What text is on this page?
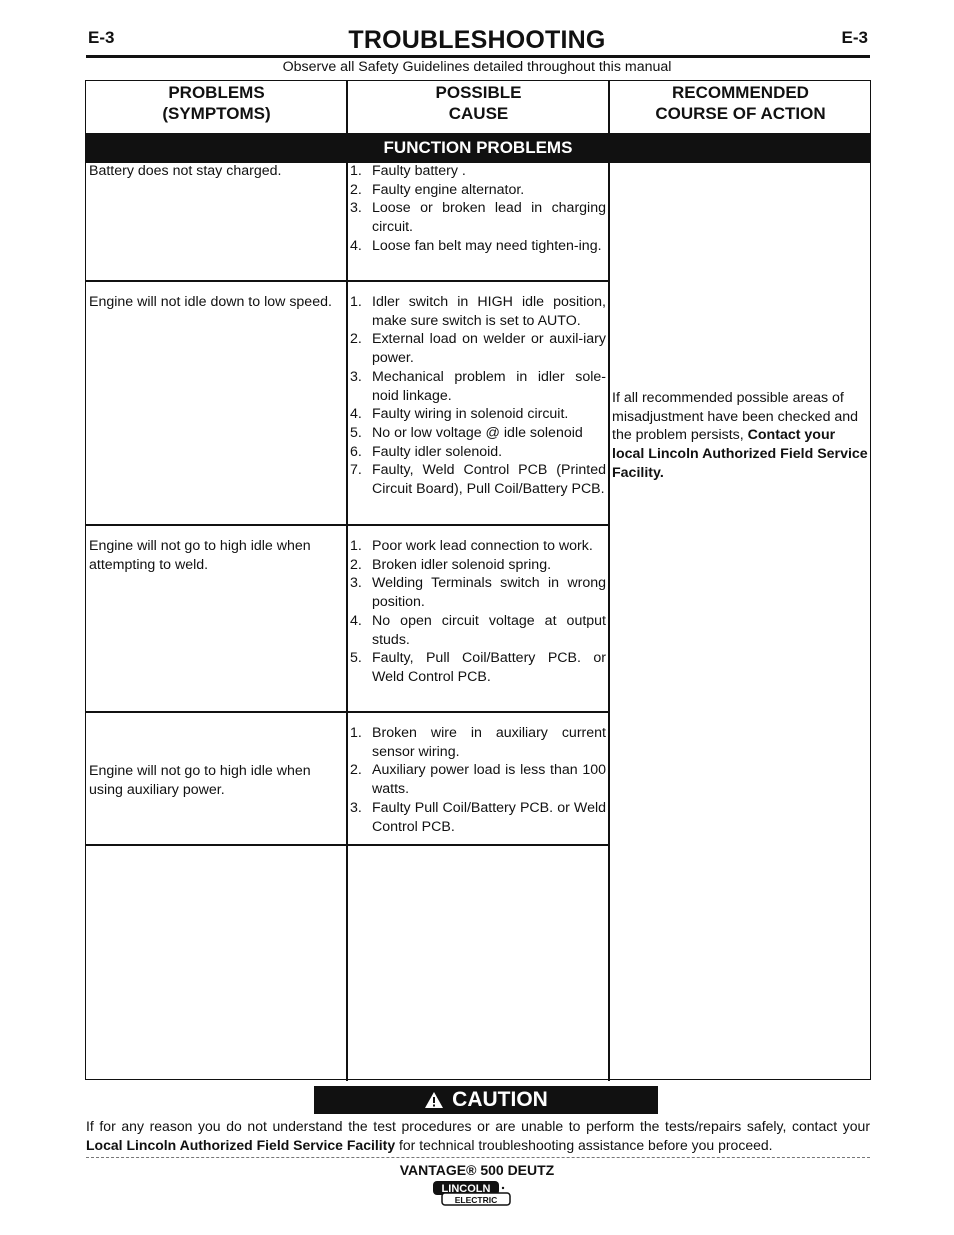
E-3	E-3
TROUBLESHOOTING
Observe all Safety Guidelines detailed throughout this manual
PROBLEMS
(SYMPTOMS)
POSSIBLE
CAUSE
RECOMMENDED
COURSE OF ACTION
FUNCTION PROBLEMS
Battery does not stay charged.	1. Faulty battery .
2. Faulty engine alternator.
3. Loose or broken lead in charging circuit.
4. Loose fan belt may need tighten-ing.
Engine will not idle down to low speed.	1. Idler switch in HIGH idle position, make sure switch is set to AUTO.
2. External load on welder or auxil-iary power.
3. Mechanical problem in idler sole-noid linkage.
4. Faulty wiring in solenoid circuit.
5. No or low voltage @ idle solenoid
6. Faulty idler solenoid.
7. Faulty, Weld Control PCB (Printed Circuit Board), Pull Coil/Battery PCB.
Engine will not go to high idle when attempting to weld.
1. Poor work lead connection to work.
2. Broken idler solenoid spring.
3. Welding Terminals switch in wrong position.
4. No open circuit voltage at output studs.
5. Faulty, Pull Coil/Battery PCB. or Weld Control PCB.
Engine will not go to high idle when using auxiliary power.
1. Broken wire in auxiliary current sensor wiring.
2. Auxiliary power load is less than 100 watts.
3. Faulty Pull Coil/Battery PCB. or Weld Control PCB.
If all recommended possible areas of misadjustment have been checked and the problem persists, Contact your local Lincoln Authorized Field Service Facility.
CAUTION
If for any reason you do not understand the test procedures or are unable to perform the tests/repairs safely, contact your Local Lincoln Authorized Field Service Facility for technical troubleshooting assistance before you proceed.
VANTAGE® 500 DEUTZ
LINCOLN
ELECTRIC
